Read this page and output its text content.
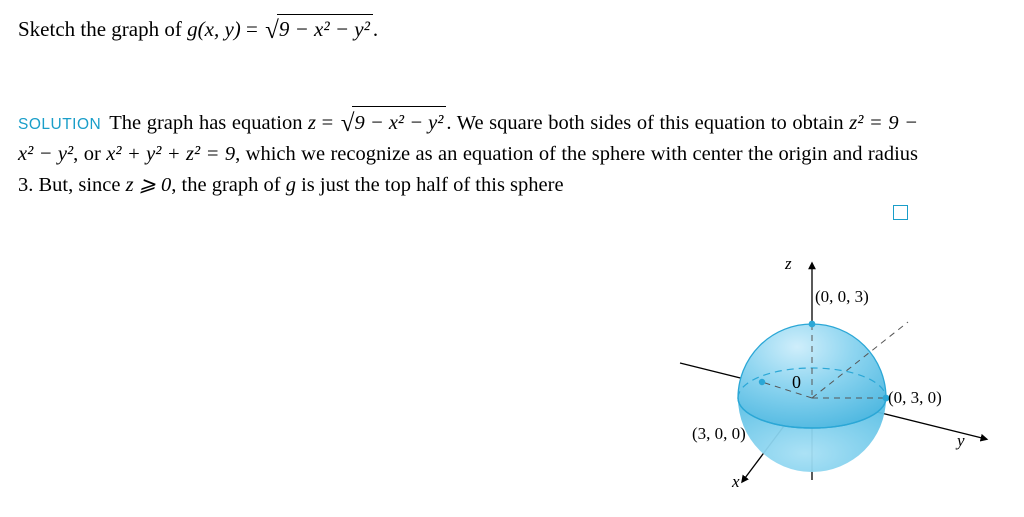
Sketch the graph of g(x, y) = √9 − x² − y² .
SOLUTION The graph has equation z = √9 − x² − y² . We square both sides of this equation to obtain z² = 9 − x² − y², or x² + y² + z² = 9, which we recognize as an equation of the sphere with center the origin and radius 3. But, since z ⩾ 0, the graph of g is just the top half of this sphere
z
x
y
(0, 0, 3)
(0, 3, 0)
(3, 0, 0)
0
